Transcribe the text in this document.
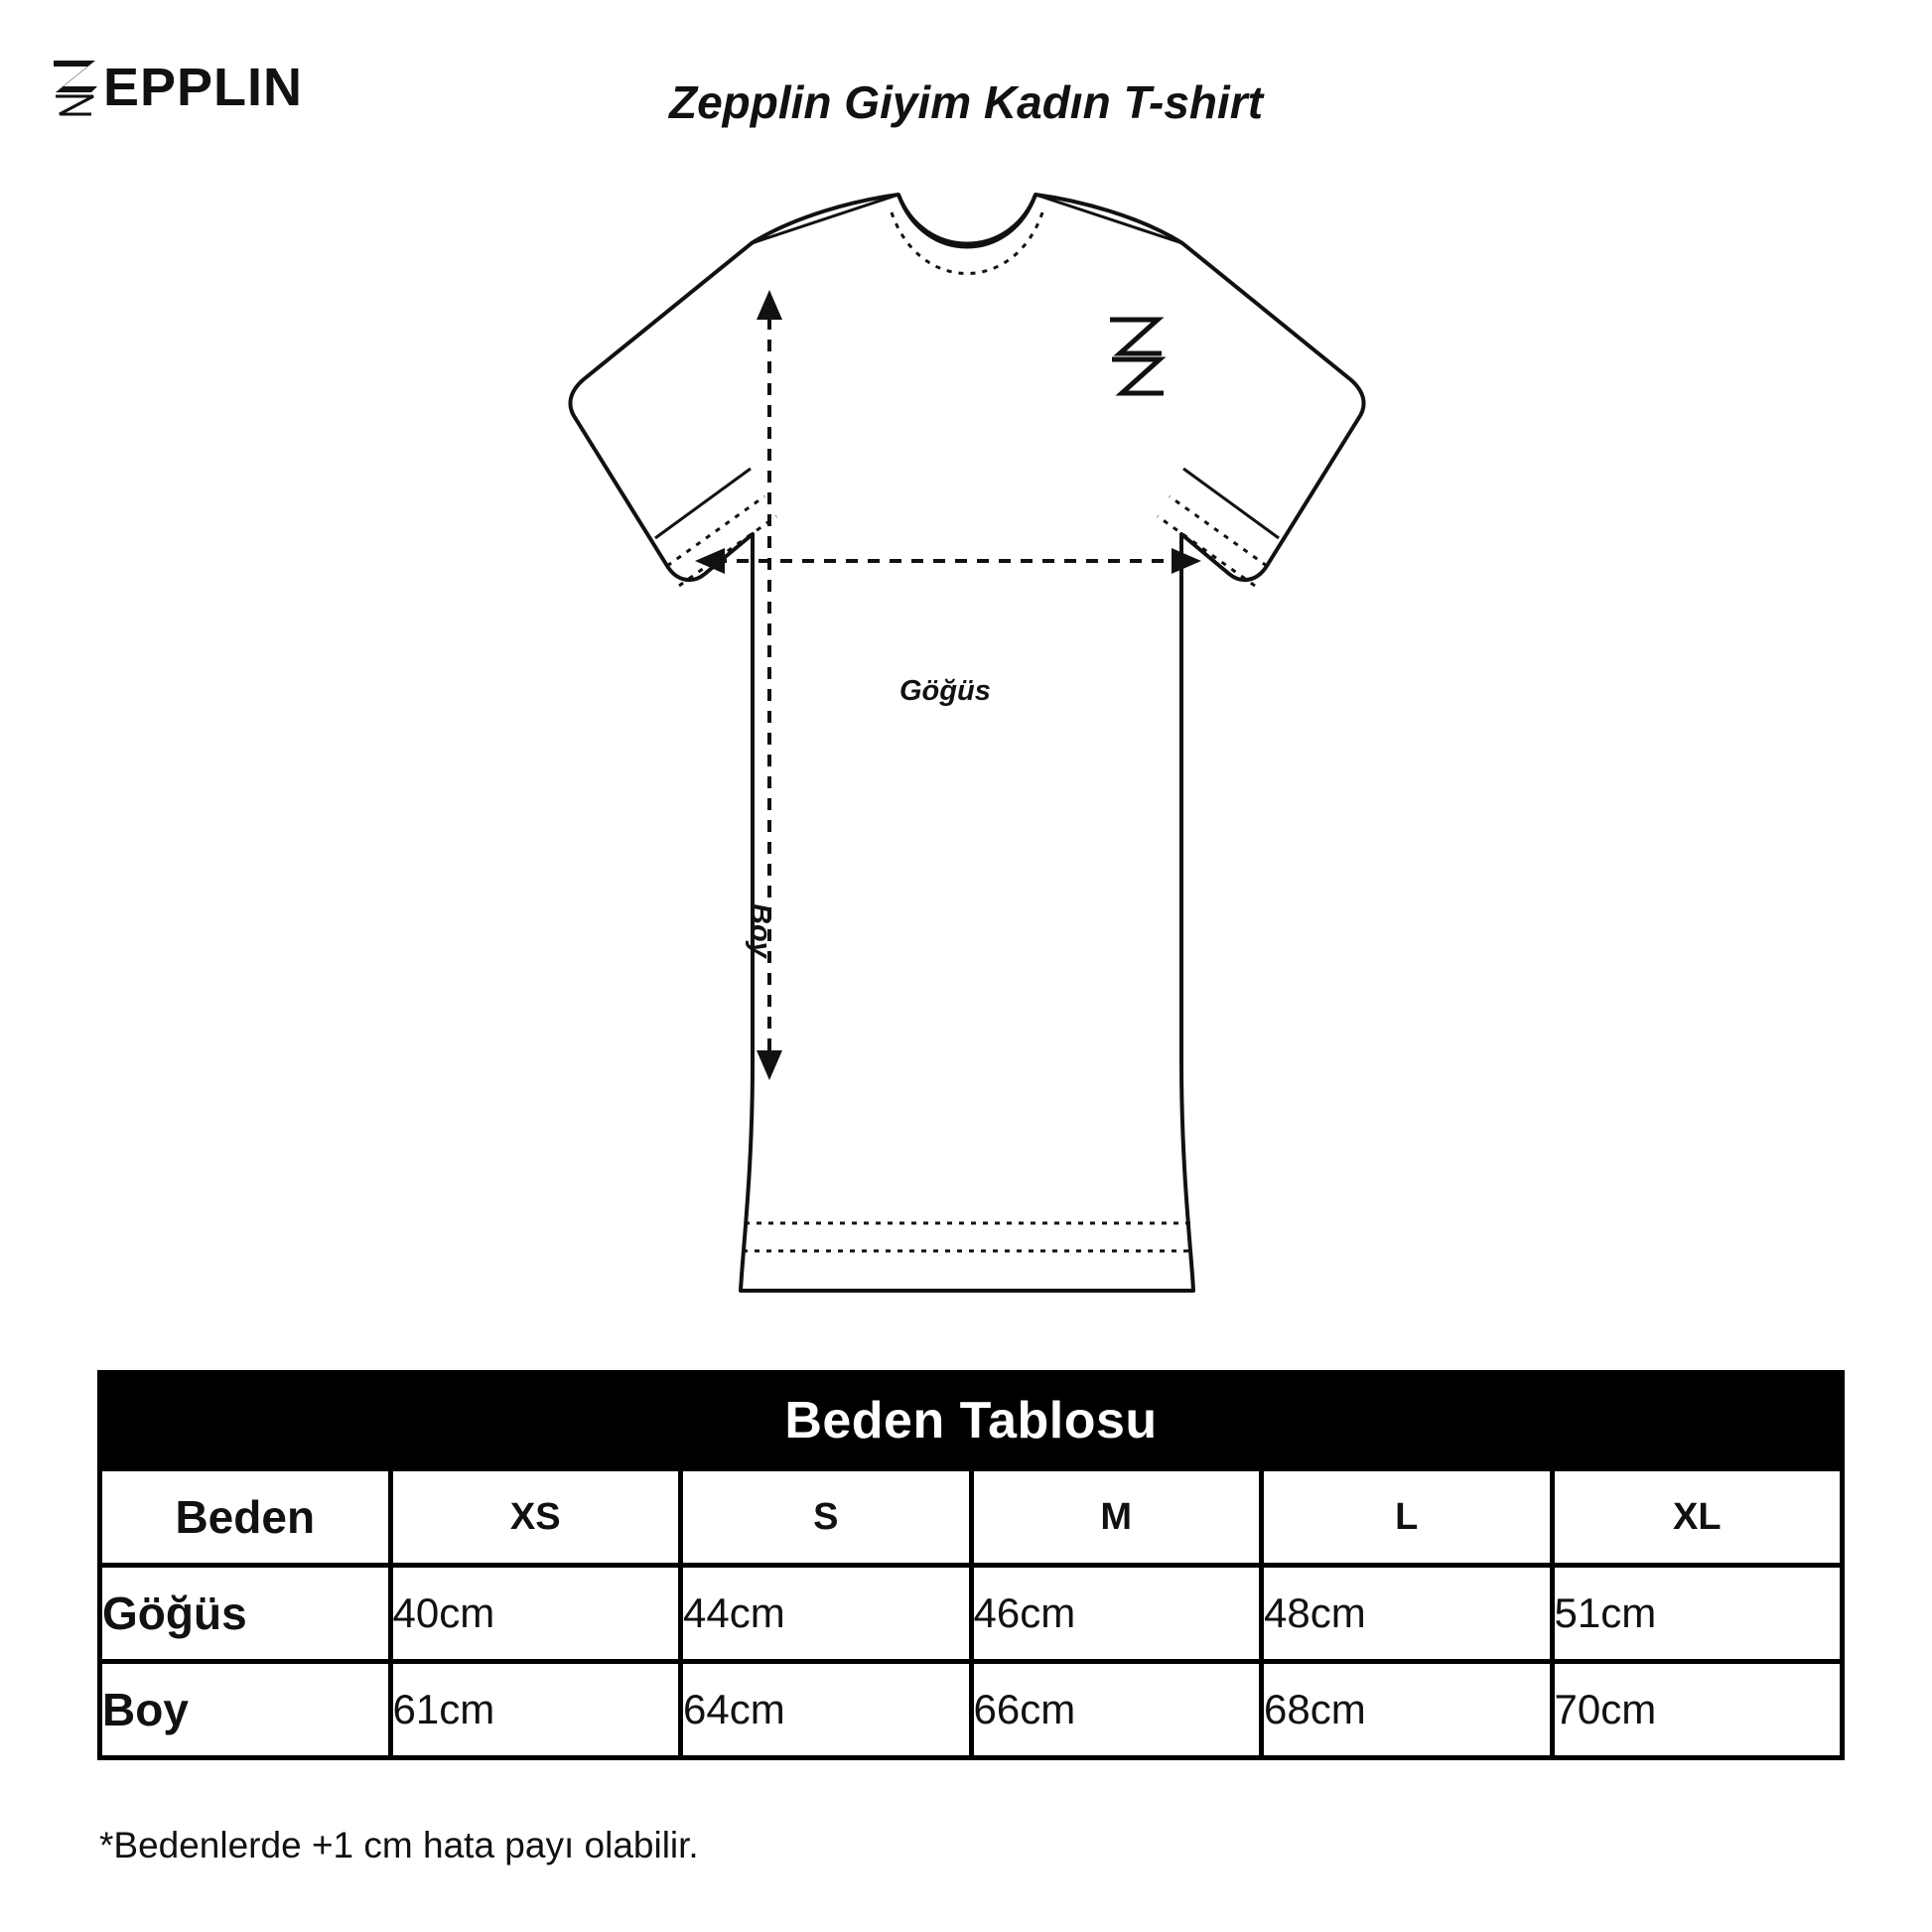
EPPLIN	Zepplin Giyim Kadın T-shirt
Göğüs
Boy
Beden Tablosu					
Beden	XS	S	M	L	XL
Göğüs	40cm	44cm	46cm	48cm	51cm
Boy	61cm	64cm	66cm	68cm	70cm
*Bedenlerde +1 cm hata payı olabilir.
